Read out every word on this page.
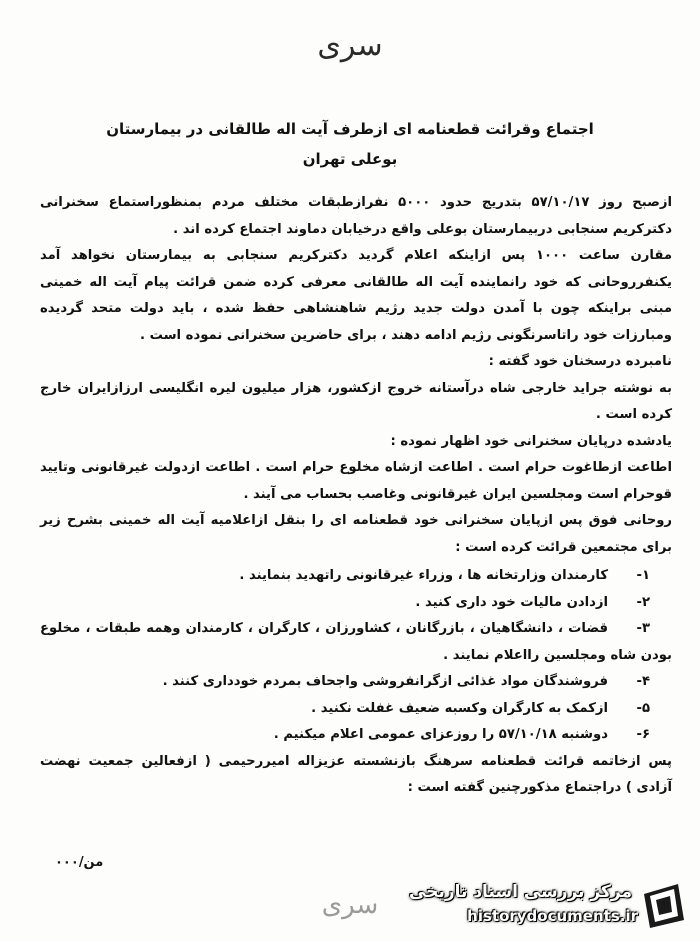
سری
اجتماع وقرائت قطعنامه ای ازطرف آیت اله طالقانی در بیمارستان
بوعلی تهران

ازصبح روز ۵۷/۱۰/۱۷ بتدریج حدود ۵۰۰۰ نفرازطبقات مختلف مردم بمنظوراستماع سخنرانی دکترکریم سنجابی دربیمارستان بوعلی واقع درخیابان دماوند اجتماع کرده اند .

مقارن ساعت ۱۰۰۰ پس ازاینکه اعلام گردید دکترکریم سنجابی به بیمارستان نخواهد آمد یکنفرروحانی که خود رانماینده آیت اله طالقانی معرفی کرده ضمن قرائت پیام آیت اله خمینی مبنی براینکه چون با آمدن دولت جدید رژیم شاهنشاهی حفظ شده ، باید دولت متحد گردیده ومبارزات خود راتاسرنگونی رژیم ادامه دهند ، برای حاضرین سخنرانی نموده است .

نامبرده درسخنان خود گفته :

به نوشته جراید خارجی شاه درآستانه خروج ازکشور، هزار میلیون لیره انگلیسی ارزازایران خارج کرده است .

یادشده درپایان سخنرانی خود اظهار نموده :

اطاعت ازطاغوت حرام است . اطاعت ازشاه مخلوع حرام است . اطاعت ازدولت غیرقانونی وتایید قوحرام است ومجلسین ایران غیرقانونی وغاصب بحساب می آیند .

روحانی فوق پس ازپایان سخنرانی خود قطعنامه ای را بنقل ازاعلامیه آیت اله خمینی بشرح زیر برای مجتمعین قرائت کرده است :

۱-
کارمندان وزارتخانه ها ، وزراء غیرقانونی راتهدید بنمایند .
۲-
ازدادن مالیات خود داری کنید .
۳-قضات ، دانشگاهیان ، بازرگانان ، کشاورزان ، کارگران ، کارمندان وهمه طبقات ، مخلوع بودن شاه ومجلسین رااعلام نمایند .
۴-
فروشندگان مواد غذائی ازگرانفروشی واجحاف بمردم خودداری کنند .
۵-
ازکمک به کارگران وکسبه ضعیف غفلت نکنید .
۶-
دوشنبه ۵۷/۱۰/۱۸ را روزعزای عمومی اعلام میکنیم .

پس ازخاتمه قرائت قطعنامه سرهنگ بازنشسته عزیزاله امیررحیمی ( ازفعالین جمعیت نهضت آزادی ) دراجتماع مذکورچنین گفته است :

من/۰۰۰
سری	مرکز بررسی اسناد تاریخی
historydocuments.ir
